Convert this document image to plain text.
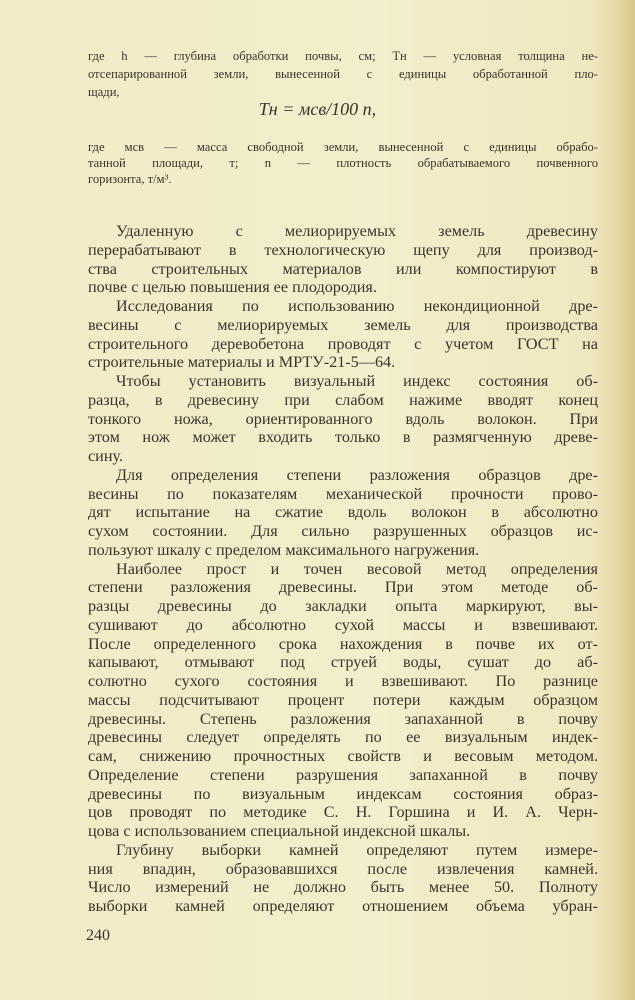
где h — глубина обработки почвы, см; Tн — условная толщина не-
отсепарированной земли, вынесенной с единицы обработанной пло-
щади,
Tн = мсв/100 n,
где мсв — масса свободной земли, вынесенной с единицы обрабо-
танной площади, т; n — плотность обрабатываемого почвенного
горизонта, т/м³.
Удаленную с мелиорируемых земель древесину
перерабатывают в технологическую щепу для производ-
ства строительных материалов или компостируют в
почве с целью повышения ее плодородия.
Исследования по использованию некондиционной дре-
весины с мелиорируемых земель для производства
строительного деревобетона проводят с учетом ГОСТ на
строительные материалы и МРТУ-21-5—64.
Чтобы установить визуальный индекс состояния об-
разца, в древесину при слабом нажиме вводят конец
тонкого ножа, ориентированного вдоль волокон. При
этом нож может входить только в размягченную древе-
сину.
Для определения степени разложения образцов дре-
весины по показателям механической прочности прово-
дят испытание на сжатие вдоль волокон в абсолютно
сухом состоянии. Для сильно разрушенных образцов ис-
пользуют шкалу с пределом максимального нагружения.
Наиболее прост и точен весовой метод определения
степени разложения древесины. При этом методе об-
разцы древесины до закладки опыта маркируют, вы-
сушивают до абсолютно сухой массы и взвешивают.
После определенного срока нахождения в почве их от-
капывают, отмывают под струей воды, сушат до аб-
солютно сухого состояния и взвешивают. По разнице
массы подсчитывают процент потери каждым образцом
древесины. Степень разложения запаханной в почву
древесины следует определять по ее визуальным индек-
сам, снижению прочностных свойств и весовым методом.
Определение степени разрушения запаханной в почву
древесины по визуальным индексам состояния образ-
цов проводят по методике С. Н. Горшина и И. А. Черн-
цова с использованием специальной индексной шкалы.
Глубину выборки камней определяют путем измере-
ния впадин, образовавшихся после извлечения камней.
Число измерений не должно быть менее 50. Полноту
выборки камней определяют отношением объема убран-
240
